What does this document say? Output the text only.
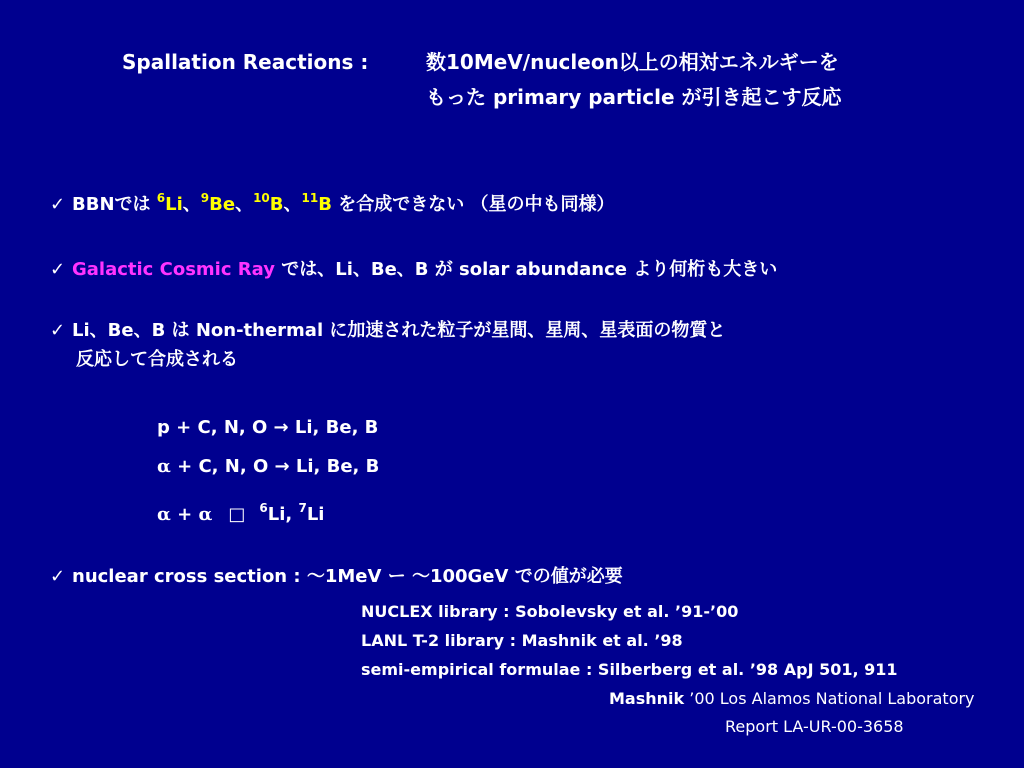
Spallation Reactions :	数10MeV/nucleon以上の相対エネルギーを
もった primary particle が引き起こす反応
✓ BBNでは $^6$Li、$^9$Be、$^{10}$B、$^{11}$B を合成できない （星の中も同様）
✓ Galactic Cosmic Ray では、Li、Be、B が solar abundance より何桁も大きい
✓ Li、Be、B は Non-thermal に加速された粒子が星間、星周、星表面の物質と
反応して合成される
p + C, N, O → Li, Be, B
α + C, N, O → Li, Be, B
α + α □ $^6$Li, $^7$Li
✓ nuclear cross section : ～1MeV ー ～100GeV での値が必要
NUCLEX library : Sobolevsky et al. ’91-’00
LANL T-2 library : Mashnik et al. ’98
semi-empirical formulae : Silberberg et al. ’98 ApJ 501, 911
Mashnik ’00 Los Alamos National Laboratory
Report LA-UR-00-3658
